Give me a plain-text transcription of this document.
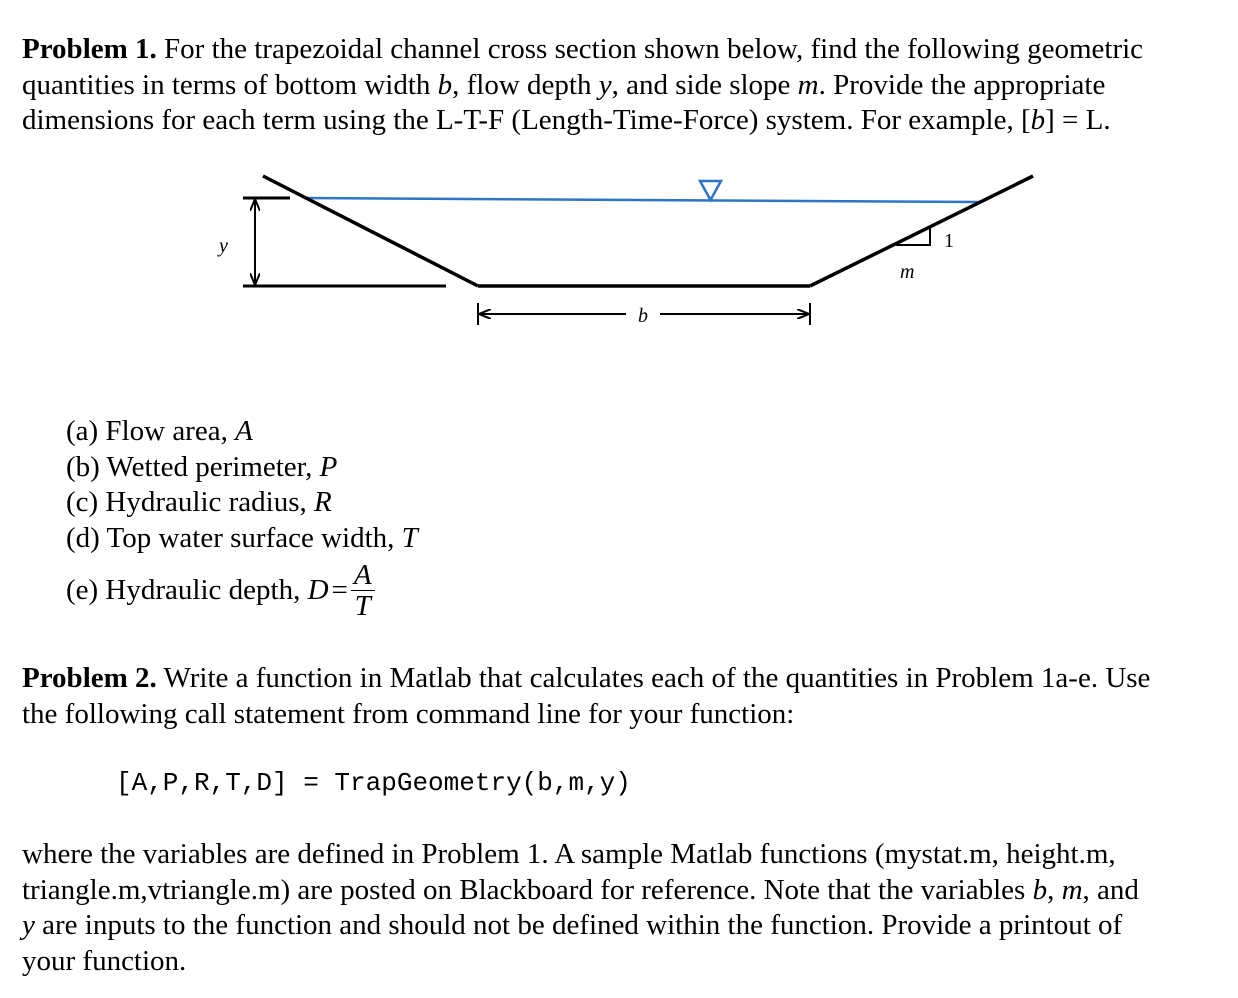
Problem 1. For the trapezoidal channel cross section shown below, find the following geometric
quantities in terms of bottom width b, flow depth y, and side slope m. Provide the appropriate
dimensions for each term using the L-T-F (Length-Time-Force) system. For example, [b] = L.

y
b
m
1
(a) Flow area, A
(b) Wetted perimeter, P
(c) Hydraulic radius, R
(d) Top water surface width, T
(e) Hydraulic depth, $D = \frac{A}{T}$

Problem 2. Write a function in Matlab that calculates each of the quantities in Problem 1a-e. Use
the following call statement from command line for your function:

[A,P,R,T,D] = TrapGeometry(b,m,y)

where the variables are defined in Problem 1. A sample Matlab functions (mystat.m, height.m,
triangle.m,vtriangle.m) are posted on Blackboard for reference. Note that the variables b, m, and
y are inputs to the function and should not be defined within the function. Provide a printout of
your function.
